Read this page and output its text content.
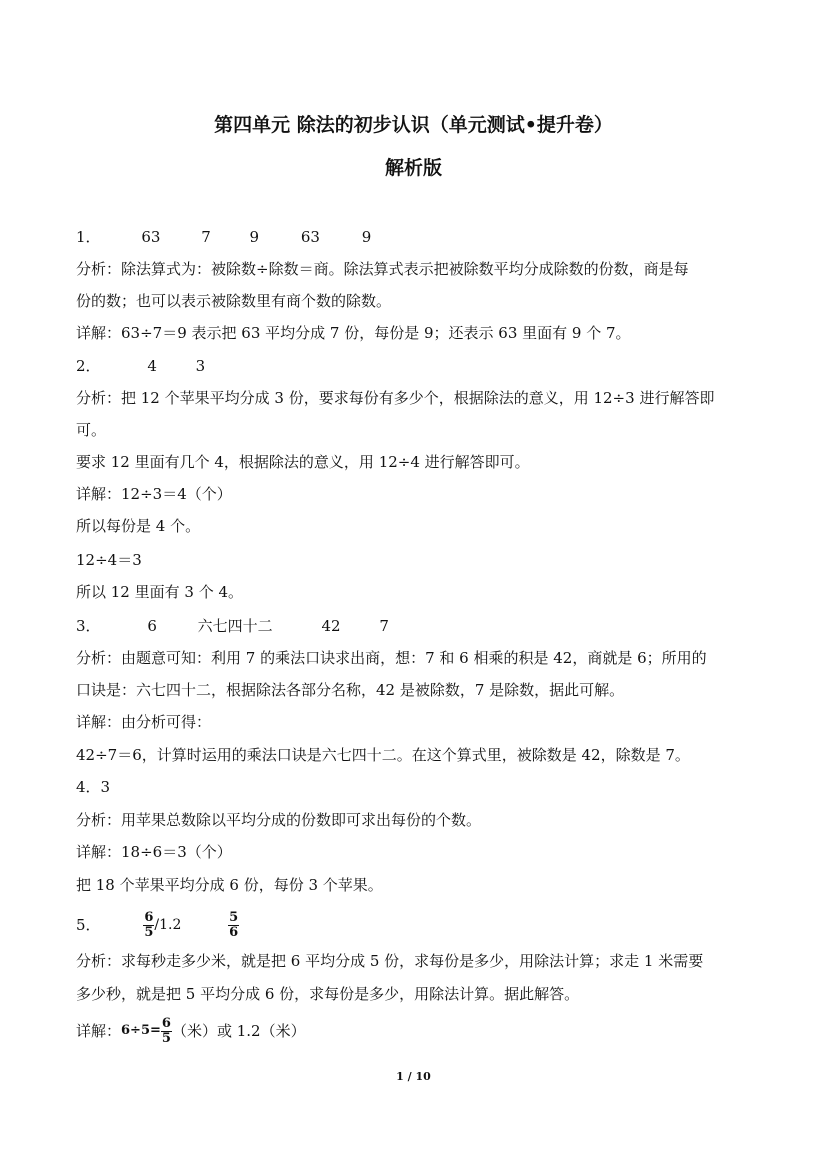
第四单元 除法的初步认识（单元测试•提升卷）
解析版
1．	63	7	9	63	9
分析：除法算式为：被除数÷除数＝商。除法算式表示把被除数平均分成除数的份数，商是每
份的数；也可以表示被除数里有商个数的除数。
详解：63÷7＝9 表示把 63 平均分成 7 份，每份是 9；还表示 63 里面有 9 个 7。
2．	4	3
分析：把 12 个苹果平均分成 3 份，要求每份有多少个，根据除法的意义，用 12÷3 进行解答即
可。
要求 12 里面有几个 4，根据除法的意义，用 12÷4 进行解答即可。
详解：12÷3＝4（个）
所以每份是 4 个。
12÷4＝3
所以 12 里面有 3 个 4。
3．	6	六七四十二	42	7
分析：由题意可知：利用 7 的乘法口诀求出商，想：7 和 6 相乘的积是 42，商就是 6；所用的
口诀是：六七四十二，根据除法各部分名称，42 是被除数，7 是除数，据此可解。
详解：由分析可得：
42÷7＝6，计算时运用的乘法口诀是六七四十二。在这个算式里，被除数是 42，除数是 7。
4．3
分析：用苹果总数除以平均分成的份数即可求出每份的个数。
详解：18÷6＝3（个）
把 18 个苹果平均分成 6 份，每份 3 个苹果。
5．	$\frac{6}{5} /1.2$	$\frac{5}{6}$
分析：求每秒走多少米，就是把 6 平均分成 5 份，求每份是多少，用除法计算；求走 1 米需要
多少秒，就是把 5 平均分成 6 份，求每份是多少，用除法计算。据此解答。
详解：$6\div 5= \frac{6}{5}$ （米）或 1.2（米）
1 / 10
